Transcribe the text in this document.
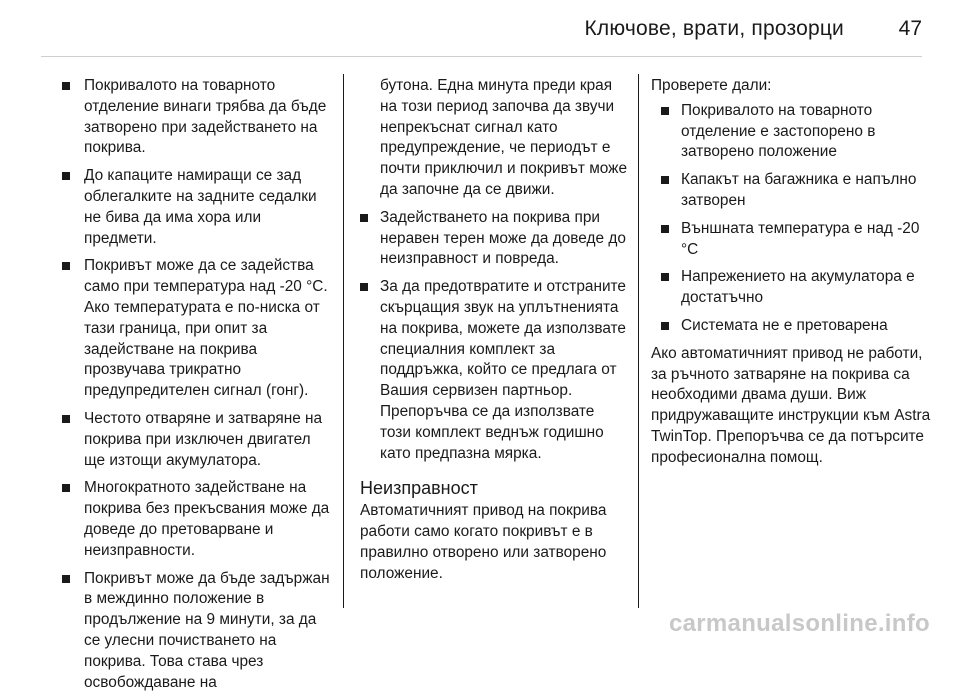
Ключове, врати, прозорци	47
Покривалото на товарното отделение винаги трябва да бъде затворено при задействането на покрива.
До капаците намиращи се зад облегалките на задните седалки не бива да има хора или предмети.
Покривът може да се задейства само при температура над -20 °C. Ако температурата е по-ниска от тази граница, при опит за задействане на покрива прозвучава трикратно предупредителен сигнал (гонг).
Честото отваряне и затваряне на покрива при изключен двигател ще изтощи акумулатора.
Многократното задействане на покрива без прекъсвания може да доведе до претоварване и неизправности.
Покривът може да бъде задържан в междинно положение в продължение на 9 минути, за да се улесни почистването на покрива. Това става чрез освобождаване на
бутона. Една минута преди края на този период започва да звучи непрекъснат сигнал като предупреждение, че периодът е почти приключил и покривът може да започне да се движи.
Задействането на покрива при неравен терен може да доведе до неизправност и повреда.
За да предотвратите и отстраните скърцащия звук на уплътненията на покрива, можете да използвате специалния комплект за поддръжка, който се предлага от Вашия сервизен партньор. Препоръчва се да използвате този комплект веднъж годишно като предпазна мярка.
Неизправност

Автоматичният привод на покрива работи само когато покривът е в правилно отворено или затворено положение.

Проверете дали:

Покривалото на товарното отделение е застопорено в затворено положение
Капакът на багажника е напълно затворен
Външната температура е над -20 °C
Напрежението на акумулатора е достатъчно
Системата не е претоварена

Ако автоматичният привод не работи, за ръчното затваряне на покрива са необходими двама души. Виж придружаващите инструкции към Astra TwinTop. Препоръчва се да потърсите професионална помощ.

carmanualsonline.info
